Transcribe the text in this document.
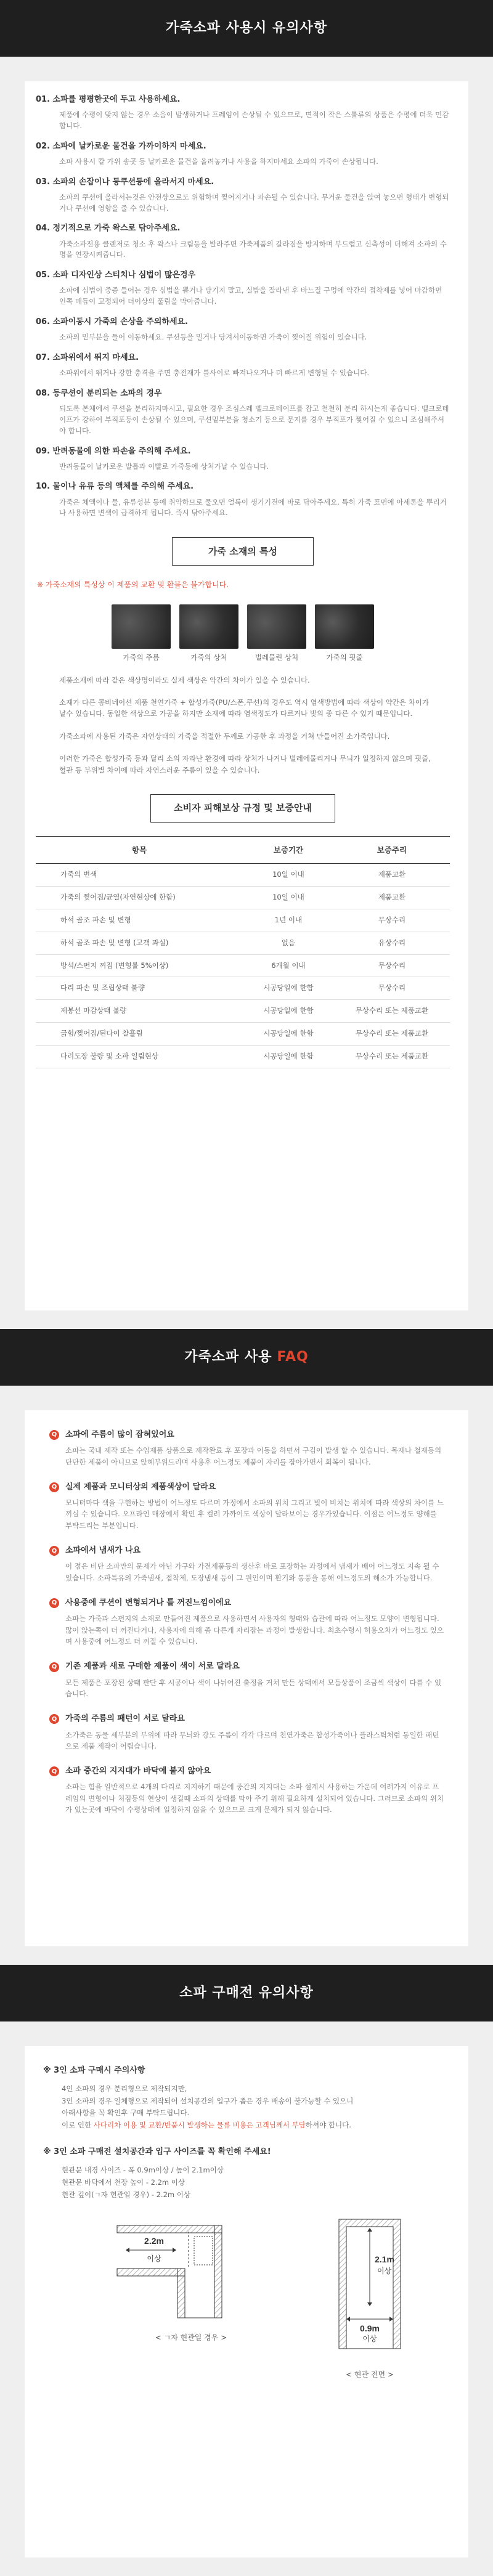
가죽소파 사용시 유의사항
01. 소파를 평평한곳에 두고 사용하세요.
제품에 수평이 맞지 않는 경우 소음이 발생하거나 프레임이 손상될 수 있으므로, 면적이 작은 스툴류의 상품은 수평에 더욱 민감합니다.
02. 소파에 날카로운 물건을 가까이하지 마세요.
소파 사용시 칼 가위 송곳 등 날카로운 물건을 올려놓거나 사용을 하지마세요 소파의 가죽이 손상됩니다.
03. 소파의 손잡이나 등쿠션등에 올라서지 마세요.
소파의 쿠션에 올라서는것은 안전상으로도 위험하며 찢어지거나 파손될 수 있습니다. 무거운 물건을 앉여 놓으면 형태가 변형되거나 쿠션에 영향을 줄 수 있습니다.
04. 정기적으로 가죽 왁스로 닦아주세요.
가죽소파전용 클렌저로 청소 후 왁스나 크림등을 발라주면 가죽제품의 갈라짐을 방지하며 부드럽고 신축성이 더해져 소파의 수명을 연장시켜줍니다.
05. 소파 디자인상 스티치나 심법이 많은경우
소파에 심법이 중종 들어는 경우 심법을 뽑거나 당기지 말고, 실밥을 잘라낸 후 바느질 구멍에 약간의 접착제를 넣어 마감하면 인쪽 매듭이 고정되어 더이상의 풀림을 막아줍니다.
06. 소파이동시 가죽의 손상을 주의하세요.
소파의 밑부분을 들어 이동하세요. 쿠션등을 밀거나 당겨서이동하면 가죽이 찢어질 위험이 있습니다.
07. 소파위에서 뛰지 마세요.
소파위에서 뛰거나 강한 충격을 주면 충전재가 틀사이로 빠져나오거나 더 빠르게 변형될 수 있습니다.
08. 등쿠션이 분리되는 소파의 경우
되도록 본체에서 쿠션을 분리하지마시고, 필요한 경우 조심스레 벨크로테이프를 잡고 천천히 분리 하시는게 좋습니다. 벨크로테이프가 강하여 부직포등이 손상될 수 있으며, 쿠션밑부분을 청소기 등으로 문지를 경우 부직포가 찢어질 수 있으니 조심해주셔야 합니다.
09. 반려동물에 의한 파손을 주의해 주세요.
반려동물이 날카로운 발톱과 이빨로 가죽등에 상처가날 수 있습니다.
10. 물이나 유류 등의 액체를 주의해 주세요.
가죽은 체액이나 물, 유류성분 등에 취약하므로 물오면 얼룩이 생기기전에 바로 닦아주세요. 특히 가죽 표면에 아세톤을 뿌리거나 사용하면 변색이 급격하게 됩니다. 즉시 닦아주세요.
가죽 소재의 특성
※ 가죽소재의 특성상 이 제품의 교환 및 환불은 불가합니다.
가죽의 주름	가죽의 상처	벌레물린 상처	가죽의 핏줄
제품소재에 따라 같은 색상명이라도 실제 색상은 약간의 차이가 있을 수 있습니다.
소재가 다른 콤비네이션 제품 천연가죽 + 합성가죽(PU/스폰,쿠션)의 경우도 역시 염색방법에 따라 색상이 약간은 차이가 날수 있습니다. 동일한 색상으로 가공을 하지만 소재에 따라 염색정도가 다르거나 빛의 종 다른 수 있기 때문입니다.
가죽소파에 사용된 가죽은 자연상태의 가죽을 적절한 두께로 가공한 후 과정을 거쳐 만들어진 소가죽입니다.
이러한 가죽은 합성가죽 등과 달리 소의 자라난 환경에 따라 상처가 나거나 벌레에물리거나 무늬가 일정하지 않으며 핏줄, 혈관 등 부위별 차이에 따라 자연스러운 주름이 있을 수 있습니다.
소비자 피해보상 규정 및 보증안내
항목	보증기간	보증주리
가죽의 변색	10일 이내	제품교환
가죽의 찢어짐/균열(자연현상에 한함)	10일 이내	제품교환
하석 골조 파손 및 변형	1년 이내	무상수리
하석 골조 파손 및 변형 (고객 과실)	없음	유상수리
방석/스펀지 꺼짐 (변형률 5%이상)	6개월 이내	무상수리
다리 파손 및 조립상태 불량	시공당일에 한함	무상수리
제봉선 마감상태 불량	시공당일에 한함	무상수리 또는 제품교환
긁힘/찢어짐/된다이 찰흘림	시공당일에 한함	무상수리 또는 제품교환
다리도장 불량 및 소파 일림현상	시공당일에 한함	무상수리 또는 제품교환
가죽소파 사용 FAQ
Q 소파에 주름이 많이 잡혀있어요
소파는 국내 제작 또는 수입제품 상품으로 제작완료 후 포장과 이동을 하면서 구김이 발생 할 수 있습니다. 목재나 철재등의 단단한 제품이 아니므로 앉혜부위드리며 사용후 어느정도 제품이 자리를 잡아가면서 회복이 됩니다.
Q 실제 제품과 모니터상의 제품색상이 달라요
모니터마다 색을 구현하는 방법이 어느정도 다르며 가정에서 소파의 위치 그리고 빛이 비치는 위치에 따라 색상의 차이를 느끼실 수 있습니다. 오프라인 매장에서 확인 후 컬러 가까이도 색상이 달라보이는 경우가있습니다. 이점은 어느정도 양해를 부탁드리는 부분입니다.
Q 소파에서 냄새가 나요
이 점은 비단 소파만의 문제가 아닌 가구와 가전제품등의 생산후 바로 포장하는 과정에서 냄새가 배어 어느정도 지속 될 수 있습니다. 소파특유의 가죽냄새, 접착제, 도장냄새 등이 그 원인이며 환기와 통풍을 통해 어느정도의 해소가 가능합니다.
Q 사용중에 쿠션이 변형되거나 틀 꺼진느낌이에요
소파는 가죽과 스펀지의 소재로 만들어진 제품으로 사용하면서 사용자의 형태와 습관에 따라 어느정도 모양이 변형됩니다. 많이 앉는쪽이 더 꺼진다거나, 사용자에 의해 좀 다른게 자리잡는 과정이 발생합니다. 최초수령시 허용오차가 어느정도 있으며 사용중에 어느정도 더 꺼질 수 있습니다.
Q 기존 제품과 새로 구매한 제품이 색이 서로 달라요
모든 제품은 포장된 상태 판단 후 시공이나 색이 나뉘어진 출정을 거쳐 만든 상태에서 모듬상품이 조금씩 색상이 다를 수 있습니다.
Q 가죽의 주름의 패턴이 서로 달라요
소가죽은 동물 세부분의 부위에 따라 무늬와 강도 주름이 각각 다르며 천연가죽은 합성가죽이나 플라스틱처럼 동일한 패턴으로 제품 제작이 어렵습니다.
Q 소파 중간의 지지대가 바닥에 붙지 않아요
소파는 힘을 일반적으로 4개의 다리로 지지하기 때문에 중간의 지지대는 소파 설계시 사용하는 가운데 여러가지 이유로 프레임의 변형이나 처짐등의 현상이 생길때 소파의 상태를 막아 주기 위해 필요하게 설치되어 있습니다. 그러므로 소파의 위치가 있는곳에 바닥이 수평상태에 일정하지 않을 수 있으므로 크게 문제가 되지 않습니다.
소파 구매전 유의사항
※ 3인 소파 구매시 주의사항
4인 소파의 경우 분리형으로 제작되지만,
3인 소파의 경우 일체형으로 제작되어 설치공간의 입구가 좁은 경우 배송이 불가능할 수 있으니
아래사항을 꼭 확인후 구매 부탁드립니다.
이로 인한 사다리차 이용 및 교환/반품시 발생하는 물류 비용은 고객님께서 부담하셔야 합니다.
※ 3인 소파 구매전 설치공간과 입구 사이즈를 꼭 확인해 주세요!
현관문 내경 사이즈 - 폭 0.9m이상 / 높이 2.1m이상
현관문 바닥에서 천장 높이 - 2.2m 이상
현관 깊이(ㄱ자 현관일 경우) - 2.2m 이상
2.2m
이상
< ㄱ자 현관일 경우 >
2.1m
이상
0.9m
이상
< 현관 전면 >
